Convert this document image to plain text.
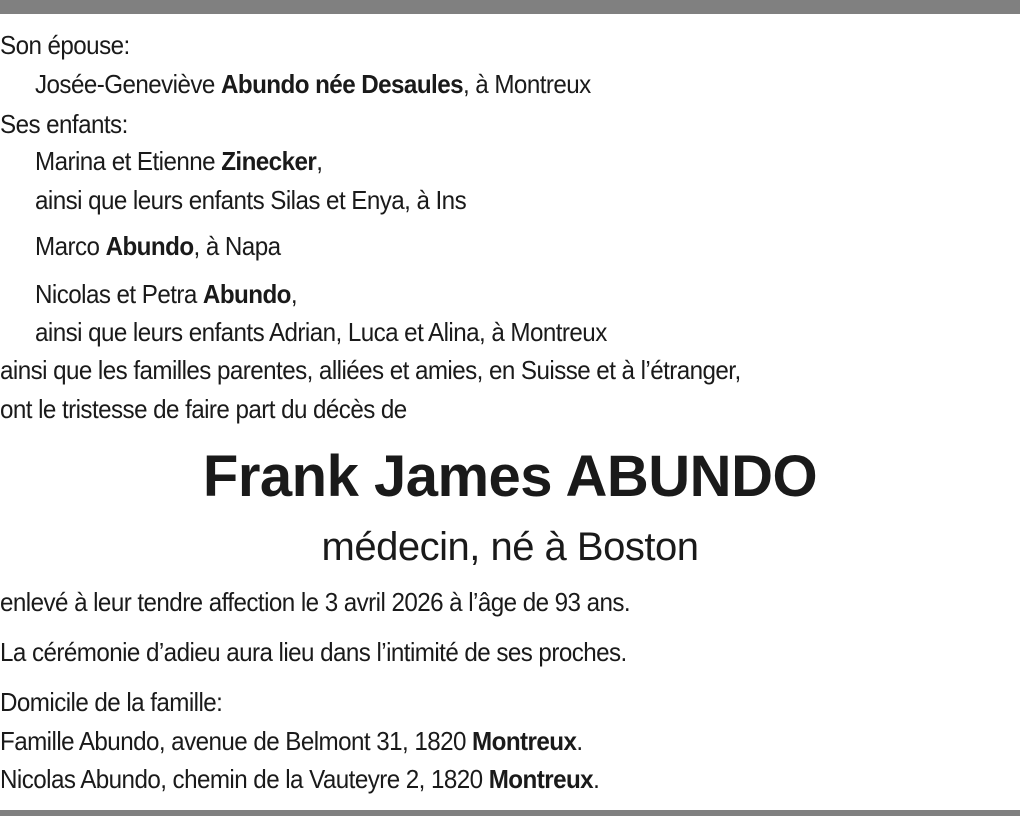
Son épouse:
Josée-Geneviève Abundo née Desaules, à Montreux
Ses enfants:
Marina et Etienne Zinecker,
ainsi que leurs enfants Silas et Enya, à Ins
Marco Abundo, à Napa
Nicolas et Petra Abundo,
ainsi que leurs enfants Adrian, Luca et Alina, à Montreux
ainsi que les familles parentes, alliées et amies, en Suisse et à l’étranger,
ont le tristesse de faire part du décès de
Frank James ABUNDO
médecin, né à Boston
enlevé à leur tendre affection le 3 avril 2026 à l’âge de 93 ans.
La cérémonie d’adieu aura lieu dans l’intimité de ses proches.
Domicile de la famille:
Famille Abundo, avenue de Belmont 31, 1820 Montreux.
Nicolas Abundo, chemin de la Vauteyre 2, 1820 Montreux.
